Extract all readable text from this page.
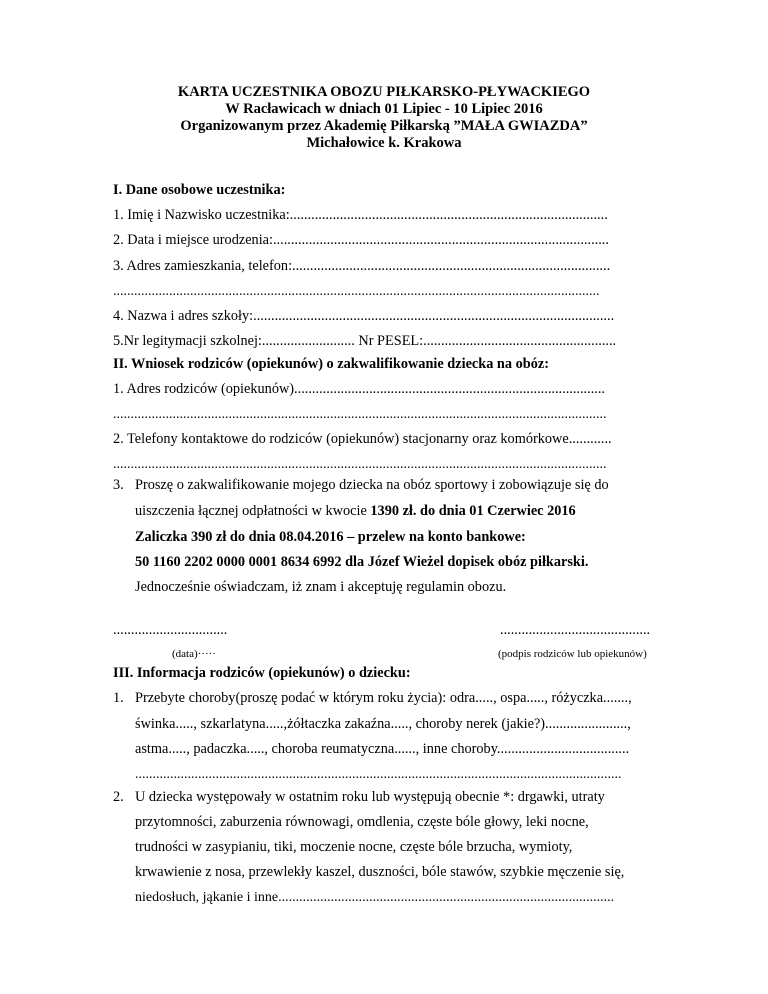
KARTA UCZESTNIKA OBOZU PIŁKARSKO-PŁYWACKIEGO
W Racławicach w dniach 01 Lipiec - 10 Lipiec 2016
Organizowanym przez Akademię Piłkarską ”MAŁA GWIAZDA”
Michałowice k. Krakowa
I. Dane osobowe uczestnika:
1. Imię i Nazwisko uczestnika:.........................................................................................
2. Data i miejsce urodzenia:..............................................................................................
3. Adres zamieszkania, telefon:.........................................................................................
...........................................................................................................................................
4. Nazwa i adres szkoły:.....................................................................................................
5.Nr legitymacji szkolnej:.......................... Nr PESEL:......................................................
II. Wniosek rodziców (opiekunów) o zakwalifikowanie dziecka na obóz:
1. Adres rodziców (opiekunów).......................................................................................
.............................................................................................................................................
2. Telefony kontaktowe do rodziców (opiekunów) stacjonarny oraz komórkowe............
.............................................................................................................................................
3. Proszę o zakwalifikowanie mojego dziecka na obóz sportowy i zobowiązuje się do
uiszczenia łącznej odpłatności w kwocie 1390 zł. do dnia 01 Czerwiec 2016
Zaliczka 390 zł do dnia 08.04.2016 – przelew na konto bankowe:
50 1160 2202 0000 0001 8634 6992 dla Józef Wieżel dopisek obóz piłkarski.
Jednocześnie oświadczam, iż znam i akceptuję regulamin obozu.
................................	..........................................
(data)·····	(podpis rodziców lub opiekunów)
III. Informacja rodziców (opiekunów) o dziecku:
1. Przebyte choroby(proszę podać w którym roku życia): odra....., ospa....., różyczka.......,
świnka....., szkarlatyna.....,żółtaczka zakaźna....., choroby nerek (jakie?).......................,
astma....., padaczka....., choroba reumatyczna......, inne choroby.....................................
...........................................................................................................................................
2. U dziecka występowały w ostatnim roku lub występują obecnie *: drgawki, utraty
przytomności, zaburzenia równowagi, omdlenia, częste bóle głowy, leki nocne,
trudności w zasypianiu, tiki, moczenie nocne, częste bóle brzucha, wymioty,
krwawienie z nosa, przewlekły kaszel, duszności, bóle stawów, szybkie męczenie się,
niedosłuch, jąkanie i inne................................................................................................
